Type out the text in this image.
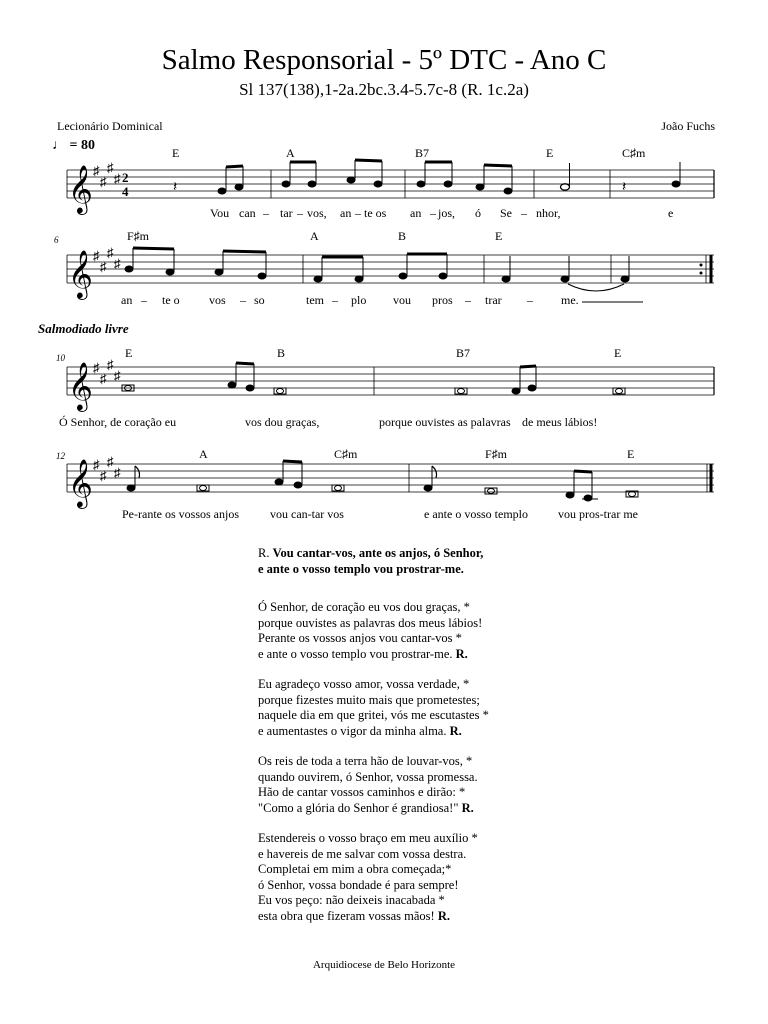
Salmo Responsorial - 5º DTC - Ano C
Sl 137(138),1-2a.2bc.3.4-5.7c-8 (R. 1c.2a)
Lecionário Dominical	João Fuchs
♩ = 80
Salmodiado livre
𝄞 ♯
♯
♯
♯ 2
4	𝄽	𝄽
𝄞 ♯
♯
♯
♯
𝄞 ♯
♯
♯
♯
𝄞 ♯
♯
♯
♯
6
10
12
E	A	B7	E	C♯m
F♯m	A	B	E
E	B	B7	E
A	C♯m	F♯m	E
Vou can – tar – vos, an – te os an – jos, ó Se – nhor,	e
an – te o vos – so	tem – plo vou pros – trar – me.
Ó Senhor, de coração eu	vos dou graças,	porque ouvistes as palavras de meus lábios!
Pe-rante os vossos anjos	vou can-tar vos	e ante o vosso templo	vou pros-trar me
R. Vou cantar-vos, ante os anjos, ó Senhor,
e ante o vosso templo vou prostrar-me.
Ó Senhor, de coração eu vos dou graças, *
porque ouvistes as palavras dos meus lábios!
Perante os vossos anjos vou cantar-vos *
e ante o vosso templo vou prostrar-me. R.
Eu agradeço vosso amor, vossa verdade, *
porque fizestes muito mais que prometestes;
naquele dia em que gritei, vós me escutastes *
e aumentastes o vigor da minha alma. R.
Os reis de toda a terra hão de louvar-vos, *
quando ouvirem, ó Senhor, vossa promessa.
Hão de cantar vossos caminhos e dirão: *
"Como a glória do Senhor é grandiosa!" R.
Estendereis o vosso braço em meu auxílio *
e havereis de me salvar com vossa destra.
Completai em mim a obra começada;*
ó Senhor, vossa bondade é para sempre!
Eu vos peço: não deixeis inacabada *
esta obra que fizeram vossas mãos! R.
Arquidiocese de Belo Horizonte
